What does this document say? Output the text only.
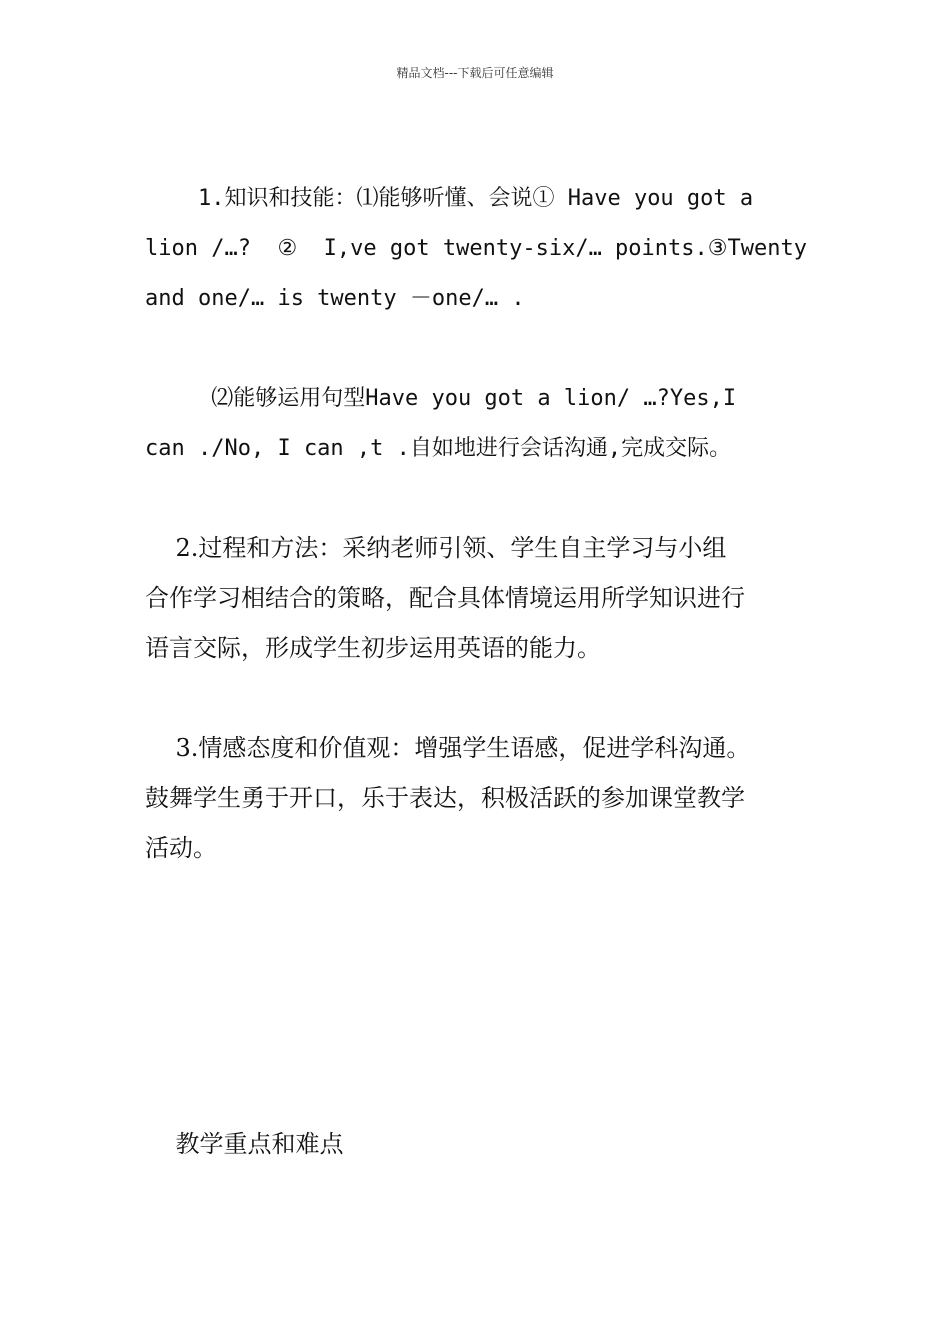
精品文档---下载后可任意编辑
1.知识和技能：⑴能够听懂、会说① Have you got a
lion /…?  ②  I,ve got twenty-six/… points.③Twenty
and one/… is twenty －one/… .
⑵能够运用句型Have you got a lion/ …?Yes,I
can ./No, I can ,t .自如地进行会话沟通,完成交际。
2.过程和方法：采纳老师引领、学生自主学习与小组
合作学习相结合的策略，配合具体情境运用所学知识进行
语言交际，形成学生初步运用英语的能力。
3.情感态度和价值观：增强学生语感，促进学科沟通。
鼓舞学生勇于开口，乐于表达，积极活跃的参加课堂教学
活动。
教学重点和难点
